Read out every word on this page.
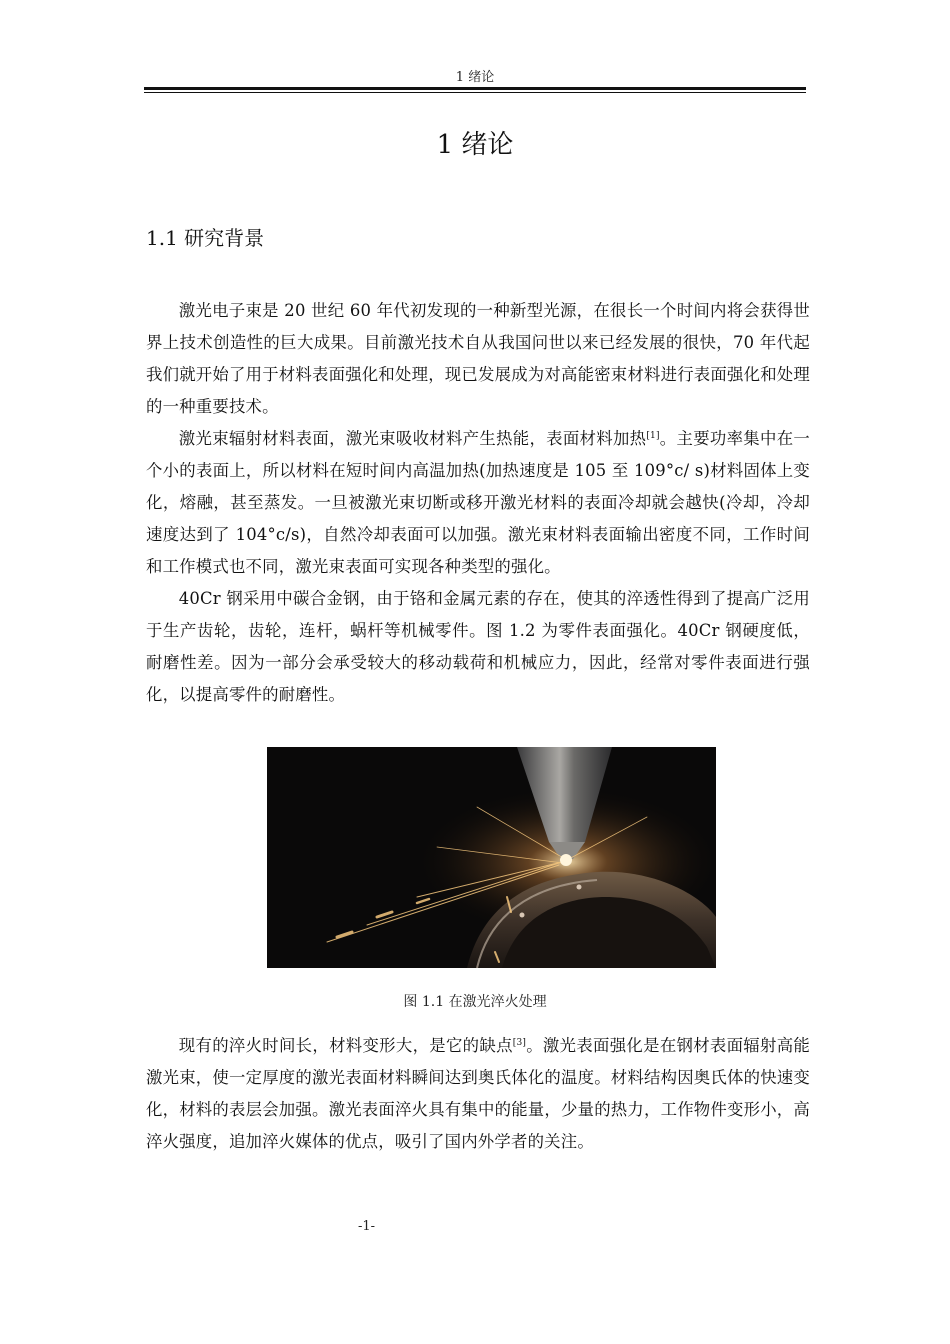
1 绪论
1 绪论
1.1 研究背景

激光电子束是 20 世纪 60 年代初发现的一种新型光源，在很长一个时间内将会获得世界上技术创造性的巨大成果。目前激光技术自从我国问世以来已经发展的很快，70 年代起我们就开始了用于材料表面强化和处理，现已发展成为对高能密束材料进行表面强化和处理的一种重要技术。

激光束辐射材料表面，激光束吸收材料产生热能，表面材料加热[1]。主要功率集中在一个小的表面上，所以材料在短时间内高温加热(加热速度是 105 至 109°c/ s)材料固体上变化，熔融，甚至蒸发。一旦被激光束切断或移开激光材料的表面冷却就会越快(冷却，冷却速度达到了 104°c/s)，自然冷却表面可以加强。激光束材料表面输出密度不同，工作时间和工作模式也不同，激光束表面可实现各种类型的强化。

40Cr 钢采用中碳合金钢，由于铬和金属元素的存在，使其的淬透性得到了提高广泛用于生产齿轮，齿轮，连杆，蜗杆等机械零件。图 1.2 为零件表面强化。40Cr 钢硬度低，耐磨性差。因为一部分会承受较大的移动载荷和机械应力，因此，经常对零件表面进行强化，以提高零件的耐磨性。

图 1.1 在激光淬火处理

现有的淬火时间长，材料变形大，是它的缺点[3]。激光表面强化是在钢材表面辐射高能激光束，使一定厚度的激光表面材料瞬间达到奥氏体化的温度。材料结构因奥氏体的快速变化，材料的表层会加强。激光表面淬火具有集中的能量，少量的热力，工作物件变形小，高淬火强度，追加淬火媒体的优点，吸引了国内外学者的关注。

-1-
